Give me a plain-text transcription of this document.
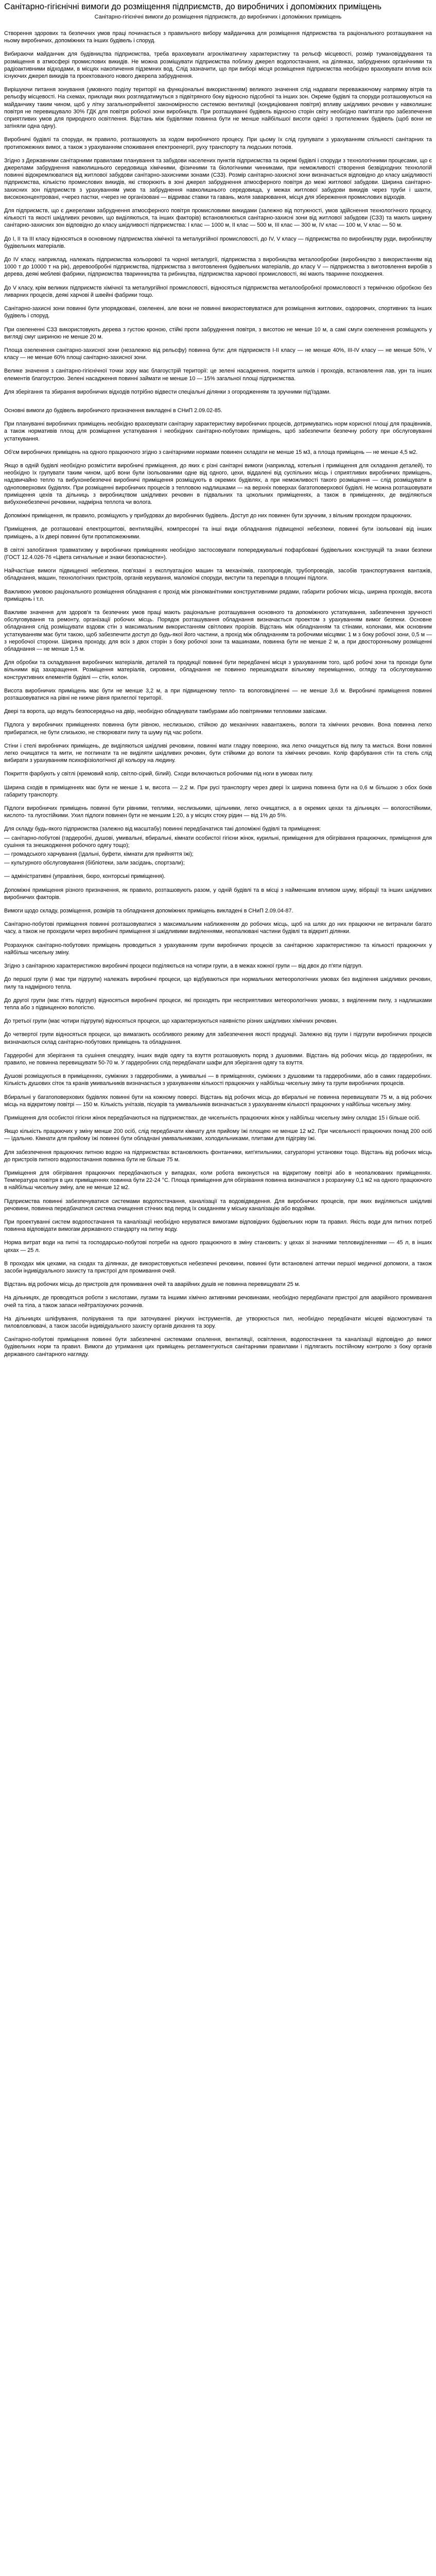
Санітарно-гігієнічні вимоги до розміщення підприємств, до виробничих і допоміжних приміщень
Санітарно-гігієнічні вимоги до розміщення підприємств, до виробничих і допоміжних приміщень

Створення здорових та безпечних умов праці починається з правильного вибору майданчика для розміщення підприємства та раціонального розташування на ньому виробничих, допоміжних та інших будівель і споруд.

Вибираючи майданчик для будівництва підприємства, треба враховувати агрокліматичну характеристику та рельєф місцевості, розмір тумановіддування та розміщення в атмосфері промислових викидів. Не можна розміщувати підприємства поблизу джерел водопостачання, на ділянках, забруднених органічними та радіоактивними відходами, в місцях накопичення підземних вод. Слід зазначити, що при виборі місця розміщення підприємства необхідно враховувати вплив всіх існуючих джерел викидів та проектованого нового джерела забруднення.

Вирішуючи питання зонування (умовного поділу території на функціональні використанням) великого значення слід надавати переважаючому напрямку вітрів та рельєфу місцевості. На схемах, приклади яких розглядатимуться з підвітряного боку відносно підсобної та інших зон. Окреме будівлі та споруди розташовуються на майданчику таким чином, щоб у літку загальноприйнятої закономірностю системою вентиляції (кондиціювання повітря) впливу шкідливих речовин у навколишнє повітря не перевищувало 30% ГДК для повітря робочої зони виробництв. При розташуванні будівель відносно сторін світу необхідно пам'ятати про забезпечення сприятливих умов для природного освітлення. Відстань між будівлями повинна бути не менше найбільшої висоти однієї з протилежних будівель (щоб вони не затіняли одна одну).

Виробничі будівлі та споруди, як правило, розташовують за ходом виробничого процесу. При цьому їх слід групувати з урахуванням спільності санітарних та протипожежних вимог, а також з урахуванням споживання електроенергії, руху транспорту та людських потоків.

Згідно з Державними санітарними правилами планування та забудови населених пунктів підприємства та окремі будівлі і споруди з технологічними процесами, що є джерелами забруднення навколишнього середовища хімічними, фізичними та біологічними чинниками, при неможливості створення безвідходних технологій повинні відокремлюватися від житлової забудови санітарно-захисними зонами (СЗЗ). Розмір санітарно-захисної зони визначається відповідно до класу шкідливості підприємства, кількістю промислових викидів, які створюють в зоні джерел забруднення атмосферного повітря до межі житлової забудови. Ширина санітарно-захисних зон підприємств з урахуванням умов та забруднення навколишнього середовища, у межах житлової забудови викидів через труби і шахти, висококонцентровані, «через пастки, «через не організовані — відриває ставки та гавань, моля заварювання, місця для збереження промислових відходів.

Для підприємств, що є джерелами забруднення атмосферного повітря промисловими викидами (залежно від потужності, умов здійснення технологічного процесу, кількості та якості шкідливих речовин, що виділяються, та інших факторів) встановлюються санітарно-захисні зони від житлової забудови (СЗЗ) та мають ширину санітарно-захисних зон відповідно до класу шкідливості підприємства: І клас — 1000 м, ІІ клас — 500 м, ІІІ клас — 300 м, IV клас — 100 м, V клас — 50 м.

До І, ІІ та ІІІ класу відносяться в основному підприємства хімічної та металургійної промисловості, до IV, V класу — підприємства по виробництву руди, виробництву будівельних матеріалів.

До ІV класу, наприклад, належать підприємства кольорової та чорної металургії, підприємства з виробництва металообробки (виробництво з використанням від 1000 т до 10000 т на рік), деревообробні підприємства, підприємства з виготовлення будівельних матеріалів, до класу V — підприємства з виготовлення виробів з дерева, деякі меблеві фабрики, підприємства тваринництва та рибництва, підприємства харчової промисловості, які мають тваринне походження.

До V класу, крім великих підприємств хімічної та металургійної промисловості, відносяться підприємства металообробної промисловості з термічною обробкою без ливарних процесів, деякі харчові й швейні фабрики тощо.

Санітарно-захисні зони повинні бути упорядковані, озеленені, але вони не повинні використовуватися для розміщення житлових, оздоровчих, спортивних та інших будівель і споруд.

При озелененні СЗЗ використовують дерева з густою кроною, стійкі проти забруднення повітря, з висотою не менше 10 м, а самі смуги озеленення розміщують у вигляді смуг шириною не менше 20 м.

Площа озеленення санітарно-захисної зони (незалежно від рельєфу) повинна бути: для підприємств І-ІІ класу — не менше 40%, ІІІ-IV класу — не менше 50%, V класу — не менше 60% площі санітарно-захисної зони.

Велике значення з санітарно-гігієнічної точки зору має благоустрій території: це зелені насадження, покриття шляхів і проходів, встановлення лав, урн та інших елементів благоустрою. Зелені насадження повинні займати не менше 10 — 15% загальної площі підприємства.

Для зберігання та збирання виробничих відходів потрібно відвести спеціальні ділянки з огородженням та зручними під'їздами.

Основні вимоги до будівель виробничого призначення викладені в СНиП 2.09.02-85.

При плануванні виробничих приміщень необхідно враховувати санітарну характеристику виробничих процесів, дотримуватись норм корисної площі для працівників, а також нормативів площ для розміщення устаткування і необхідних санітарно-побутових приміщень, щоб забезпечити безпечну роботу при обслуговуванні устаткування.

Об'єм виробничих приміщень на одного працюючого згідно з санітарними нормами повинен складати не менше 15 м3, а площа приміщень — не менше 4,5 м2.

Якщо в одній будівлі необхідно розмістити виробничі приміщення, до яких є різні санітарні вимоги (наприклад, котельня і приміщення для складання деталей), то необхідно їх групувати таким чином, щоб вони були ізольованими одне від одного, цехи, віддалені від суспільних місць і сприятливих виробничих приміщень, надзвичайно тепло та вибухонебезпечні виробничі приміщення розміщують в окремих будівлях, а при неможливості такого розміщення — слід розміщувати в одноповерхових будівлях. При розміщенні виробничих процесів з тепловою надлишками — на верхніх поверхах багатоповерхової будівлі. Не можна розташовувати приміщення цехів та дільниць з виробництвом шкідливих речовин в підвальних та цокольних приміщеннях, а також в приміщеннях, де виділяються вибухонебезпечні речовини, надмірна теплота чи волога.

Допоміжні приміщення, як правило, розміщують у прибудовах до виробничих будівель. Доступ до них повинен бути зручним, з вільним проходом працюючих.

Приміщення, де розташовані електрощитові, вентиляційні, компресорні та інші види обладнання підвищеної небезпеки, повинні бути ізольовані від інших приміщень, а їх двері повинні бути протипожежними.

В світлі запобігання травматизму у виробничих приміщеннях необхідно застосовувати попереджувальні пофарбовані будівельних конструкцій та знаки безпеки (ГОСТ 12.4.026-76 «Цвета сигнальные и знаки безопасности»).

Найчастіше вимоги підвищеної небезпеки, пов'язані з експлуатацією машин та механізмів, газопроводів, трубопроводів, засобів транспортування вантажів, обладнання, машин, технологічних пристроїв, органів керування, маломісні споруди, виступи та перепади в площині підлоги.

Важливою умовою раціонального розміщення обладнання є прохід між різноманітними конструктивними рядами, габарити робочих місць, ширина проходів, висота приміщень і т.п.

Важливе значення для здоров'я та безпечних умов праці мають раціональне розташування основного та допоміжного устаткування, забезпечення зручності обслуговування та ремонту, організації робочих місць. Порядок розташування обладнання визначається проектом з урахуванням вимог безпеки. Основне обладнання слід розміщувати вздовж стін з максимальним використанням світлових прорізів. Відстань між обладнанням та стінами, колонами, між основним устаткуванням має бути такою, щоб забезпечити доступ до будь-якої його частини, а прохід між обладнанням та робочими місцями: 1 м з боку робочої зони, 0,5 м — з неробочої сторони. Ширина проходу, для всіх з двох сторін з боку робочої зони та машинами, повинна бути не менше 2 м, а при двосторонньому розміщенні обладнання — не менше 1,5 м.

Для обробки та складування виробничих матеріалів, деталей та продукції повинні бути передбачені місця з урахуванням того, щоб робочі зони та проходи були вільними від захаращення. Розміщення матеріалів, сировини, обладнання не повинно перешкоджати вільному переміщенню, огляду та обслуговуванню конструктивних елементів будівлі — стін, колон.

Висота виробничих приміщень має бути не менше 3,2 м, а при підвищеному тепло- та вологовиділенні — не менше 3,6 м. Виробничі приміщення повинні розташовуватися на рівні не нижче рівня прилеглої території.

Двері та ворота, що ведуть безпосередньо на двір, необхідно обладнувати тамбурами або повітряними тепловими завісами.

Підлога у виробничих приміщеннях повинна бути рівною, неслизькою, стійкою до механічних навантажень, вологи та хімічних речовин. Вона повинна легко прибиратися, не бути слизькою, не створювати пилу та шуму під час роботи.

Стіни і стелі виробничих приміщень, де виділяються шкідливі речовини, повинні мати гладку поверхню, яка легко очищується від пилу та миється. Вони повинні легко очищатися та мити, не поглинати та не виділяти шкідливих речовин, бути стійкими до вологи та хімічних речовин. Колір фарбування стін та стель слід вибирати з урахуванням психофізіологічної дії кольору на людину.

Покриття фарбують у світлі (кремовий колір, світло-сірий, білий). Сходи включаються робочими під ноги в умовах пилу.

Ширина сходів в приміщеннях має бути не менше 1 м, висота — 2,2 м. При русі транспорту через двері їх ширина повинна бути на 0,6 м більшою з обох боків габариту транспорту.

Підлоги виробничих приміщень повинні бути рівними, теплими, неслизькими, щільними, легко очищатися, а в окремих цехах та дільницях — вологостійкими, кислото- та лугостійкими. Ухил підлоги повинен бути не меншим 1:20, а у місцях стоку рідин — від 1% до 5%.

Для складу будь-якого підприємства (залежно від масштабу) повинні передбачатися такі допоміжні будівлі та приміщення:

— санітарно-побутові (гардеробні, душові, умивальні, вбиральні, кімнати особистої гігієни жінок, курильні, приміщення для обігрівання працюючих, приміщення для сушіння та знешкодження робочого одягу тощо);

— громадського харчування (їдальні, буфети, кімнати для прийняття їжі);

— культурного обслуговування (бібліотеки, зали засідань, спортзали);

— адміністративні (управління, бюро, конторські приміщення).

Допоміжні приміщення різного призначення, як правило, розташовують разом, у одній будівлі та в місці з найменшим впливом шуму, вібрації та інших шкідливих виробничих факторів.

Вимоги щодо складу, розміщення, розмірів та обладнання допоміжних приміщень викладені в СНиП 2.09.04-87.

Санітарно-побутові приміщення повинні розташовуватися з максимальним наближенням до робочих місць, щоб на шлях до них працюючи не витрачали багато часу, а також не проходили через виробничі приміщення зі шкідливими виділеннями, неопалювані частини будівлі та відкриті ділянки.

Розрахунок санітарно-побутових приміщень проводиться з урахуванням групи виробничих процесів за санітарною характеристикою та кількості працюючих у найбільш чисельну зміну.

Згідно з санітарною характеристикою виробничі процеси поділяються на чотири групи, а в межах кожної групи — від двох до п'яти підгруп.

До першої групи (і має три підгрупи) належать виробничі процеси, що відбуваються при нормальних метеорологічних умовах без виділення шкідливих речовин, пилу та надмірного тепла.

До другої групи (має п'ять підгруп) відносяться виробничі процеси, які проходять при несприятливих метеорологічних умовах, з виділенням пилу, з надлишками тепла або з підвищеною вологістю.

До третьої групи (має чотири підгрупи) відносяться процеси, що характеризуються наявністю різних шкідливих хімічних речовин.

До четвертої групи відносяться процеси, що вимагають особливого режиму для забезпечення якості продукції. Залежно від групи і підгрупи виробничих процесів визначаються склад санітарно-побутових приміщень та обладнання.

Гардеробні для зберігання та сушіння спецодягу, інших видів одягу та взуття розташовують поряд з душовими. Відстань від робочих місць до гардеробних, як правило, не повинна перевищувати 50-70 м. У гардеробних слід передбачати шафи для зберігання одягу та взуття.

Душові розміщуються в приміщеннях, суміжних з гардеробними, а умивальні — в приміщеннях, суміжних з душовими та гардеробними, або в самих гардеробних. Кількість душових сіток та кранів умивальників визначається з урахуванням кількості працюючих у найбільш чисельну зміну та групи виробничих процесів.

Вбиральні у багатоповерхових будівлях повинні бути на кожному поверсі. Відстань від робочих місць до вбиральні не повинна перевищувати 75 м, а від робочих місць на відкритому повітрі — 150 м. Кількість унітазів, пісуарів та умивальників визначається з урахуванням кількості працюючих у найбільш чисельну зміну.

Приміщення для особистої гігієни жінок передбачаються на підприємствах, де чисельність працюючих жінок у найбільш чисельну зміну складає 15 і більше осіб.

Якщо кількість працюючих у зміну менше 200 осіб, слід передбачати кімнату для прийому їжі площею не менше 12 м2. При чисельності працюючих понад 200 осіб — їдальню. Кімнати для прийому їжі повинні бути обладнані умивальниками, холодильниками, плитами для підігріву їжі.

Для забезпечення працюючих питною водою на підприємствах встановлюють фонтанчики, кип'ятильники, сатураторні установки тощо. Відстань від робочих місць до пристроїв питного водопостачання повинна бути не більше 75 м.

Приміщення для обігрівання працюючих передбачаються у випадках, коли робота виконується на відкритому повітрі або в неопалюваних приміщеннях. Температура повітря в цих приміщеннях повинна бути 22-24 °С. Площа приміщення для обігрівання повинна визначатися з розрахунку 0,1 м2 на одного працюючого в найбільш чисельну зміну, але не менше 12 м2.

Підприємства повинні забезпечуватися системами водопостачання, каналізації та водовідведення. Для виробничих процесів, при яких виділяються шкідливі речовини, повинна передбачатися система очищення стічних вод перед їх скиданням у міську каналізацію або водойми.

При проектуванні систем водопостачання та каналізації необхідно керуватися вимогами відповідних будівельних норм та правил. Якість води для питних потреб повинна відповідати вимогам державного стандарту на питну воду.

Норма витрат води на питні та господарсько-побутові потреби на одного працюючого в зміну становить: у цехах зі значними тепловиділеннями — 45 л, в інших цехах — 25 л.

В проходах між цехами, на сходах та ділянках, де використовуються небезпечні речовини, повинні бути встановлені аптечки першої медичної допомоги, а також засоби індивідуального захисту та пристрої для промивання очей.

Відстань від робочих місць до пристроїв для промивання очей та аварійних душів не повинна перевищувати 25 м.

На дільницях, де проводяться роботи з кислотами, лугами та іншими хімічно активними речовинами, необхідно передбачати пристрої для аварійного промивання очей та тіла, а також запаси нейтралізуючих розчинів.

На дільницях шліфування, полірування та при заточуванні ріжучих інструментів, де утворюється пил, необхідно передбачати місцеві відсмоктувачі та пиловловлювачі, а також засоби індивідуального захисту органів дихання та зору.

Санітарно-побутові приміщення повинні бути забезпечені системами опалення, вентиляції, освітлення, водопостачання та каналізації відповідно до вимог будівельних норм та правил. Вимоги до утримання цих приміщень регламентуються санітарними правилами і підлягають постійному контролю з боку органів державного санітарного нагляду.
